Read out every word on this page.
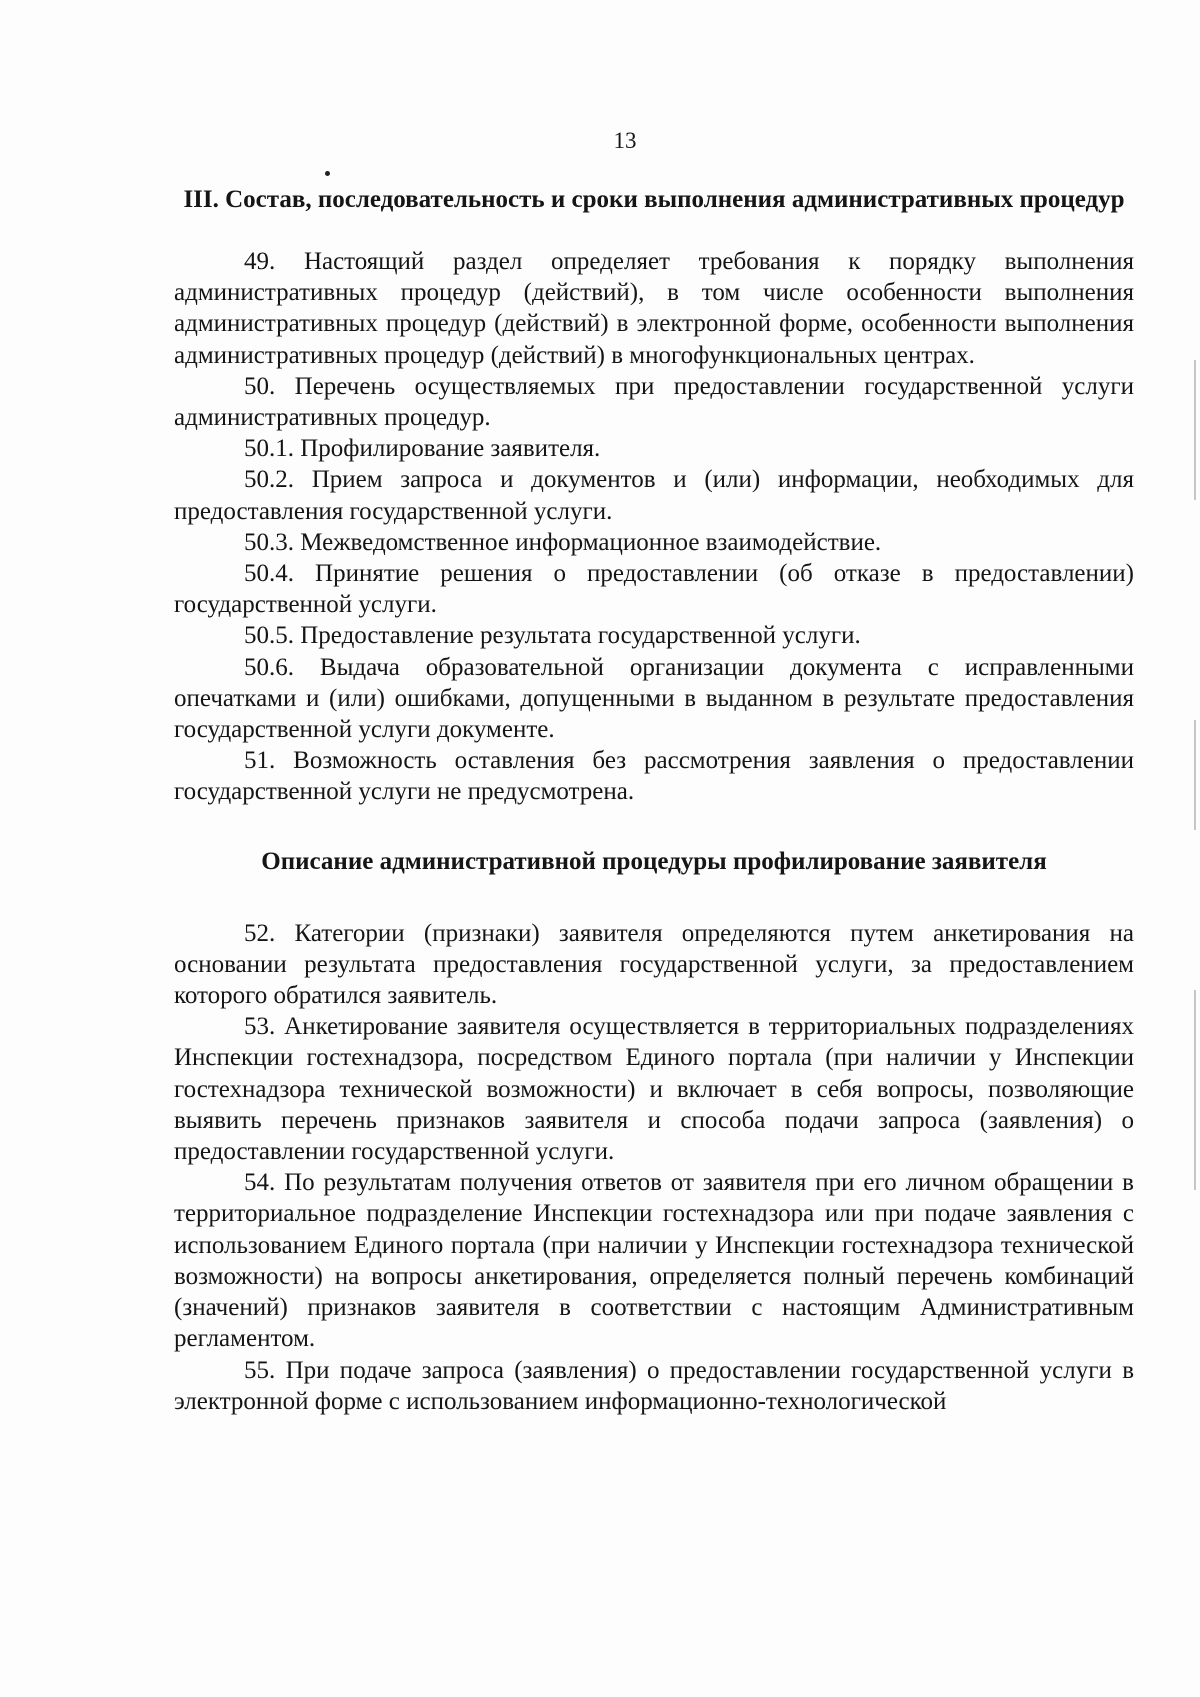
13
III. Состав, последовательность и сроки выполнения административных процедур

49. Настоящий раздел определяет требования к порядку выполнения административных процедур (действий), в том числе особенности выполнения административных процедур (действий) в электронной форме, особенности выполнения административных процедур (действий) в многофункциональных центрах.

50. Перечень осуществляемых при предоставлении государственной услуги административных процедур.

50.1. Профилирование заявителя.

50.2. Прием запроса и документов и (или) информации, необходимых для предоставления государственной услуги.

50.3. Межведомственное информационное взаимодействие.

50.4. Принятие решения о предоставлении (об отказе в предоставлении) государственной услуги.

50.5. Предоставление результата государственной услуги.

50.6. Выдача образовательной организации документа с исправленными опечатками и (или) ошибками, допущенными в выданном в результате предоставления государственной услуги документе.

51. Возможность оставления без рассмотрения заявления о предоставлении государственной услуги не предусмотрена.

Описание административной процедуры профилирование заявителя

52. Категории (признаки) заявителя определяются путем анкетирования на основании результата предоставления государственной услуги, за предоставлением которого обратился заявитель.

53. Анкетирование заявителя осуществляется в территориальных подразделениях Инспекции гостехнадзора, посредством Единого портала (при наличии у Инспекции гостехнадзора технической возможности) и включает в себя вопросы, позволяющие выявить перечень признаков заявителя и способа подачи запроса (заявления) о предоставлении государственной услуги.

54. По результатам получения ответов от заявителя при его личном обращении в территориальное подразделение Инспекции гостехнадзора или при подаче заявления с использованием Единого портала (при наличии у Инспекции гостехнадзора технической возможности) на вопросы анкетирования, определяется полный перечень комбинаций (значений) признаков заявителя в соответствии с настоящим Административным регламентом.

55. При подаче запроса (заявления) о предоставлении государственной услуги в электронной форме с использованием информационно-технологической
